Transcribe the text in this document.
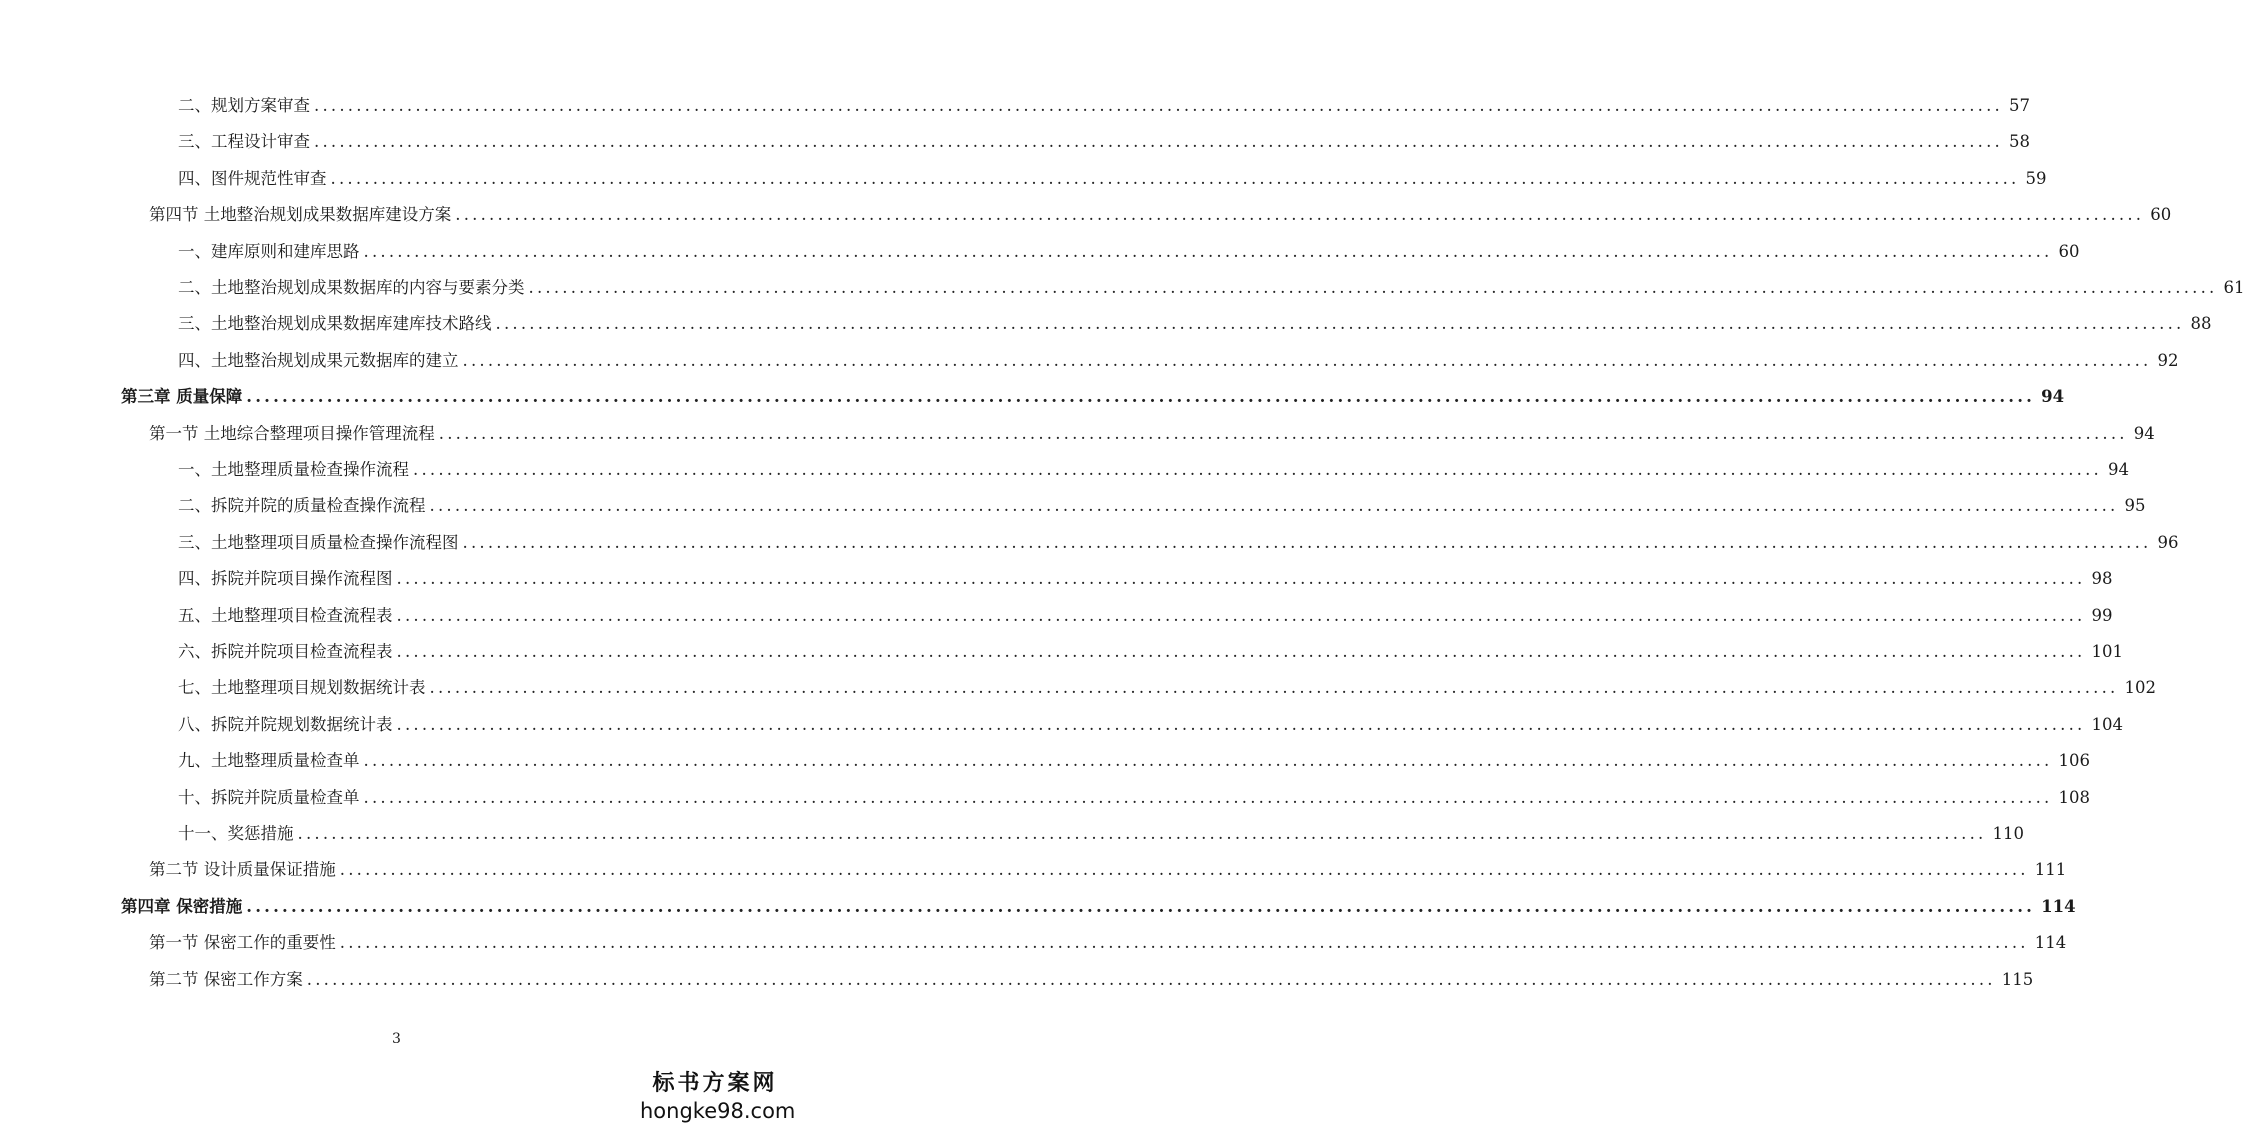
二、规划方案审查 ........................................................................................................................................................................................................ 57
三、工程设计审查 ........................................................................................................................................................................................................ 58
四、图件规范性审查 ........................................................................................................................................................................................................ 59
第四节 土地整治规划成果数据库建设方案 ........................................................................................................................................................................................................ 60
一、建库原则和建库思路 ........................................................................................................................................................................................................ 60
二、土地整治规划成果数据库的内容与要素分类 ........................................................................................................................................................................................................ 61
三、土地整治规划成果数据库建库技术路线 ........................................................................................................................................................................................................ 88
四、土地整治规划成果元数据库的建立 ........................................................................................................................................................................................................ 92
第三章 质量保障 ........................................................................................................................................................................................................ 94
第一节 土地综合整理项目操作管理流程 ........................................................................................................................................................................................................ 94
一、土地整理质量检查操作流程 ........................................................................................................................................................................................................ 94
二、拆院并院的质量检查操作流程 ........................................................................................................................................................................................................ 95
三、土地整理项目质量检查操作流程图 ........................................................................................................................................................................................................ 96
四、拆院并院项目操作流程图 ........................................................................................................................................................................................................ 98
五、土地整理项目检查流程表 ........................................................................................................................................................................................................ 99
六、拆院并院项目检查流程表 ........................................................................................................................................................................................................ 101
七、土地整理项目规划数据统计表 ........................................................................................................................................................................................................ 102
八、拆院并院规划数据统计表 ........................................................................................................................................................................................................ 104
九、土地整理质量检查单 ........................................................................................................................................................................................................ 106
十、拆院并院质量检查单 ........................................................................................................................................................................................................ 108
十一、奖惩措施 ........................................................................................................................................................................................................ 110
第二节 设计质量保证措施 ........................................................................................................................................................................................................ 111
第四章 保密措施 ........................................................................................................................................................................................................ 114
第一节 保密工作的重要性 ........................................................................................................................................................................................................ 114
第二节 保密工作方案 ........................................................................................................................................................................................................ 115
3
标书方案网
hongke98.com
